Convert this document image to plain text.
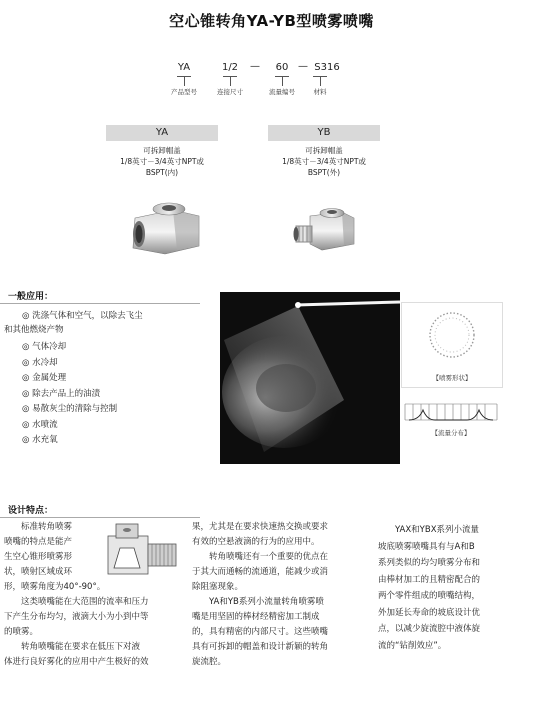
空心锥转角YA-YB型喷雾喷嘴
YA	1/2	—	60 — S316
产品型号	连接尺寸	流量编号	材料
YA
可拆卸帽盖
1/8英寸－3/4英寸NPT或
BSPT(内)
YB
可拆卸帽盖
1/8英寸－3/4英寸NPT或
BSPT(外)
一般应用：
◎ 洗涤气体和空气，以除去飞尘
和其他燃烧产物
◎ 气体冷却
◎ 水冷却
◎ 金属处理
◎ 除去产品上的油渍
◎ 易散灰尘的清除与控制
◎ 水喷流
◎ 水充氧
【喷雾形状】
【流量分布】
设计特点：
标准转角喷雾
喷嘴的特点是能产
生空心锥形喷雾形
状，喷射区域成环
形，喷雾角度为40°-90°。
这类喷嘴能在大范围的流率和压力
下产生分布均匀，液滴大小为小到中等
的喷雾。
转角喷嘴能在要求在低压下对液
体进行良好雾化的应用中产生极好的效
果，尤其是在要求快速热交换或要求
有效的空悬液滴的行为的应用中。
转角喷嘴还有一个重要的优点在
于其大而通畅的流通道，能减少或消
除阻塞现象。
YA和YB系列小流量转角喷雾喷
嘴是用坚固的棒材经精密加工制成
的，具有精密的内部尺寸。这些喷嘴
具有可拆卸的帽盖和设计新颖的转角
旋流腔。
YAX和YBX系列小流量
坡底喷雾喷嘴具有与A和B
系列类似的均匀喷雾分布和
由棒材加工的且精密配合的
两个零件组成的喷嘴结构，
外加延长寿命的坡底设计优
点，以减少旋流腔中液体旋
流的“钻削效应”。
